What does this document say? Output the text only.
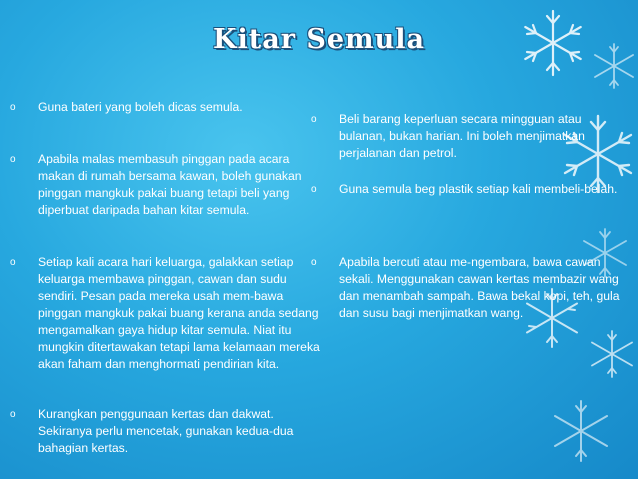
Kitar Semula
o Guna bateri yang boleh dicas semula.
o Apabila malas membasuh pinggan pada acara makan di rumah bersama kawan, boleh gunakan pinggan mangkuk pakai buang tetapi beli yang diperbuat daripada bahan kitar semula.
o Setiap kali acara hari keluarga, galakkan setiap keluarga membawa pinggan, cawan dan sudu sendiri. Pesan pada mereka usah mem-bawa pinggan mangkuk pakai buang kerana anda sedang mengamalkan gaya hidup kitar semula. Niat itu mungkin ditertawakan tetapi lama kelamaan mereka akan faham dan menghormati pendirian kita.
o Kurangkan penggunaan kertas dan dakwat. Sekiranya perlu mencetak, gunakan kedua-dua bahagian kertas.
o Beli barang keperluan secara mingguan atau bulanan, bukan harian. Ini boleh menjimatkan perjalanan dan petrol.
o Guna semula beg plastik setiap kali membeli-belah.
o Apabila bercuti atau me-ngembara, bawa cawan sekali. Menggunakan cawan kertas membazir wang dan menambah sampah. Bawa bekal kopi, teh, gula dan susu bagi menjimatkan wang.
